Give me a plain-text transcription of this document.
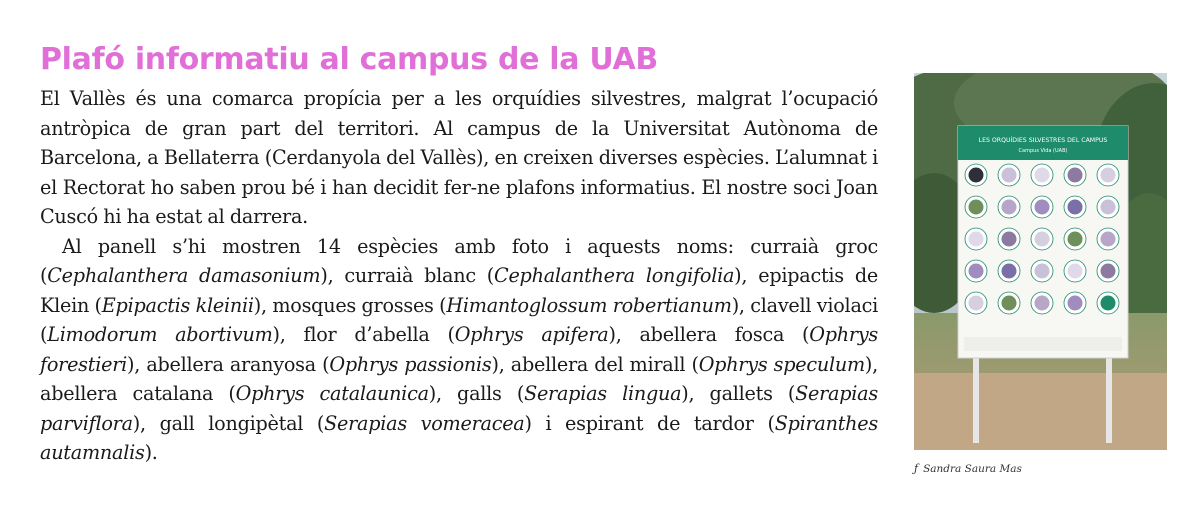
Plafó informatiu al campus de la UAB

El Vallès és una comarca propícia per a les orquídies silvestres, malgrat l’ocupació antròpica de gran part del territori. Al campus de la Universitat Autònoma de Barcelona, a Bellaterra (Cerdanyola del Vallès), en creixen diverses espècies. L’alumnat i el Rectorat ho saben prou bé i han decidit fer-ne plafons informatius. El nostre soci Joan Cuscó hi ha estat al darrera.

Al panell s’hi mostren 14 espècies amb foto i aquests noms: curraià groc (Cephalanthera damasonium), curraià blanc (Cephalanthera longifolia), epipactis de Klein (Epipactis kleinii), mosques grosses (Himantoglossum robertianum), clavell violaci (Limodorum abortivum), flor d’abella (Ophrys apifera), abellera fosca (Ophrys forestieri), abellera aranyosa (Ophrys passionis), abellera del mirall (Ophrys speculum), abellera catalana (Ophrys catalaunica), galls (Serapias lingua), gallets (Serapias parviflora), gall longipètal (Serapias vomeracea) i espirant de tardor (Spiranthes autamnalis).

LES ORQUÍDIES SILVESTRES DEL CAMPUS
Campus Vida (UAB)
ƒ Sandra Saura Mas
